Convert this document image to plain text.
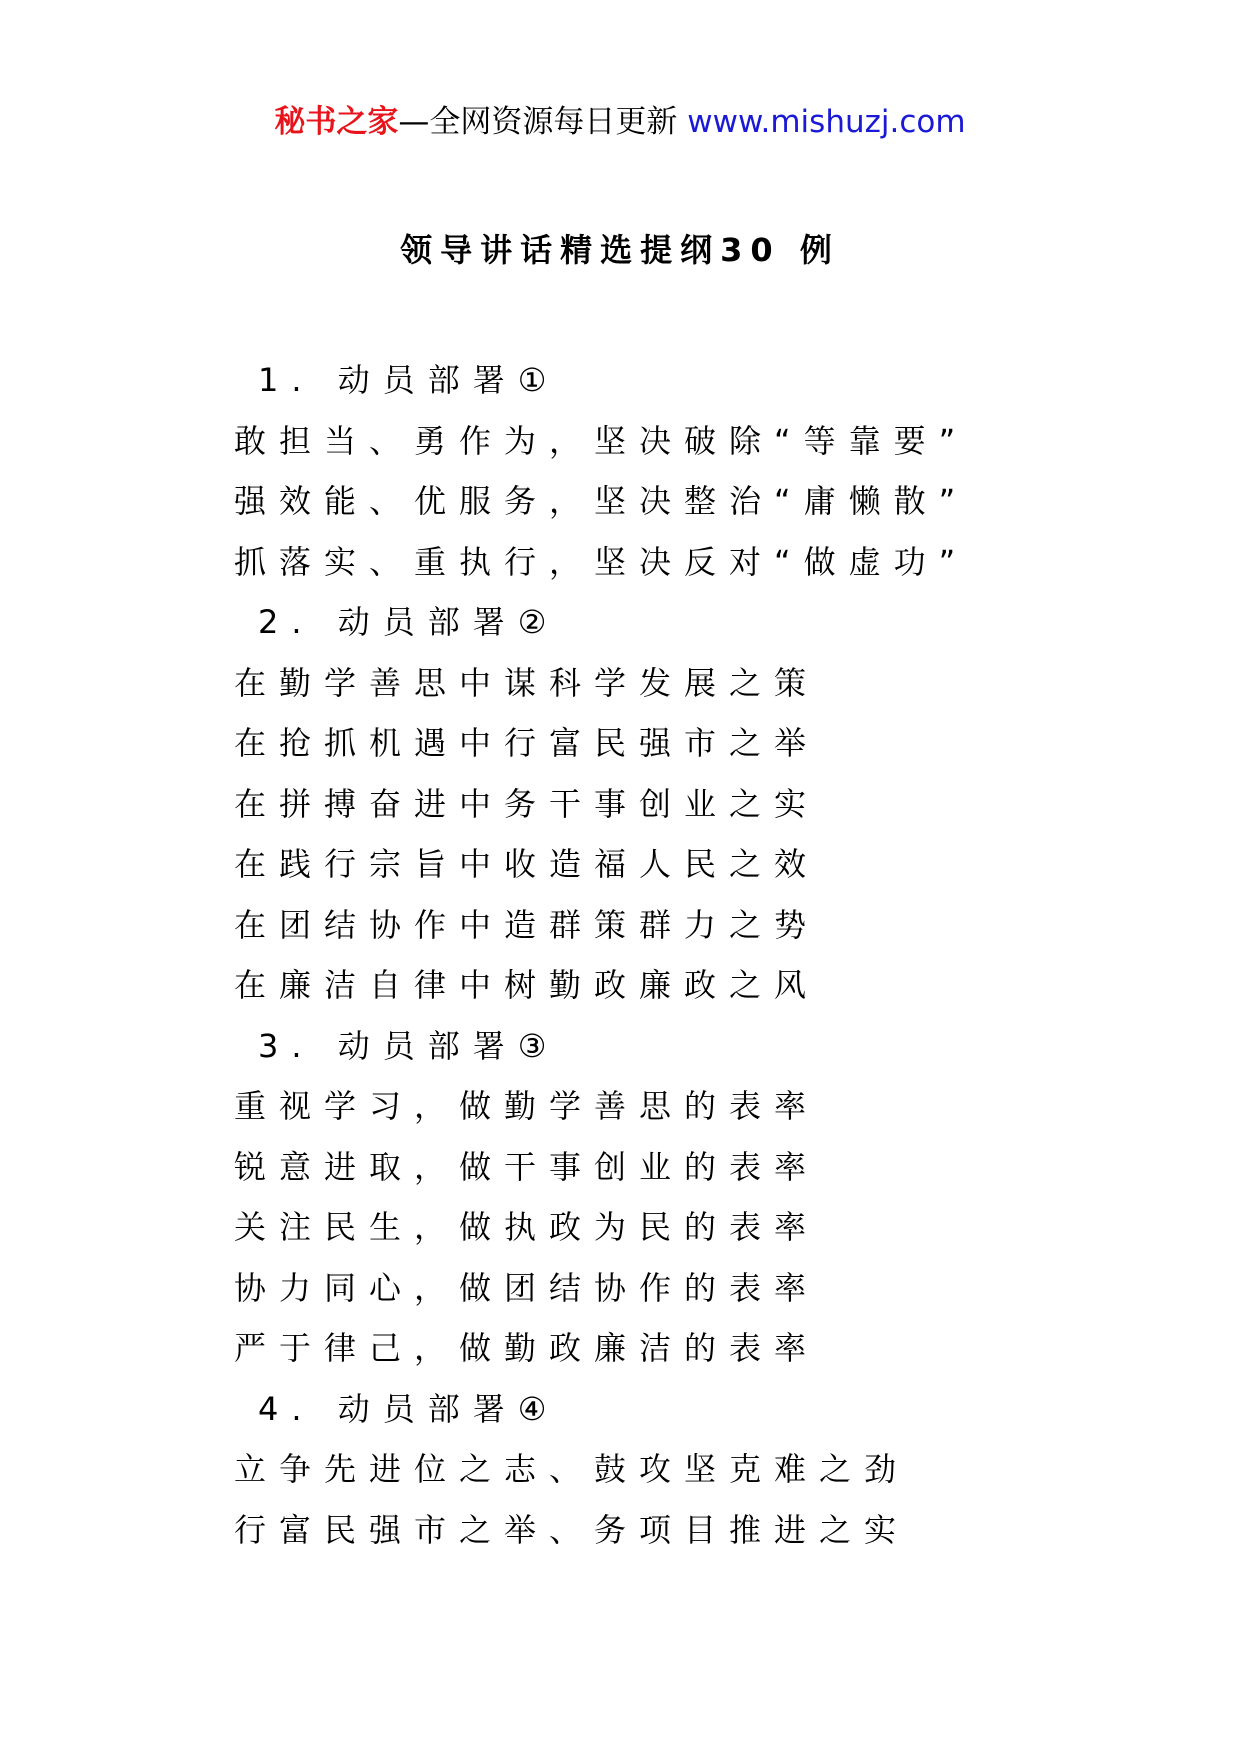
秘书之家—全网资源每日更新 www.mishuzj.com
领导讲话精选提纲30 例
1. 动员部署①
敢担当、勇作为，坚决破除“等靠要”
强效能、优服务，坚决整治“庸懒散”
抓落实、重执行，坚决反对“做虚功”
2. 动员部署②
在勤学善思中谋科学发展之策
在抢抓机遇中行富民强市之举
在拼搏奋进中务干事创业之实
在践行宗旨中收造福人民之效
在团结协作中造群策群力之势
在廉洁自律中树勤政廉政之风
3. 动员部署③
重视学习，做勤学善思的表率
锐意进取，做干事创业的表率
关注民生，做执政为民的表率
协力同心，做团结协作的表率
严于律己，做勤政廉洁的表率
4. 动员部署④
立争先进位之志、鼓攻坚克难之劲
行富民强市之举、务项目推进之实
